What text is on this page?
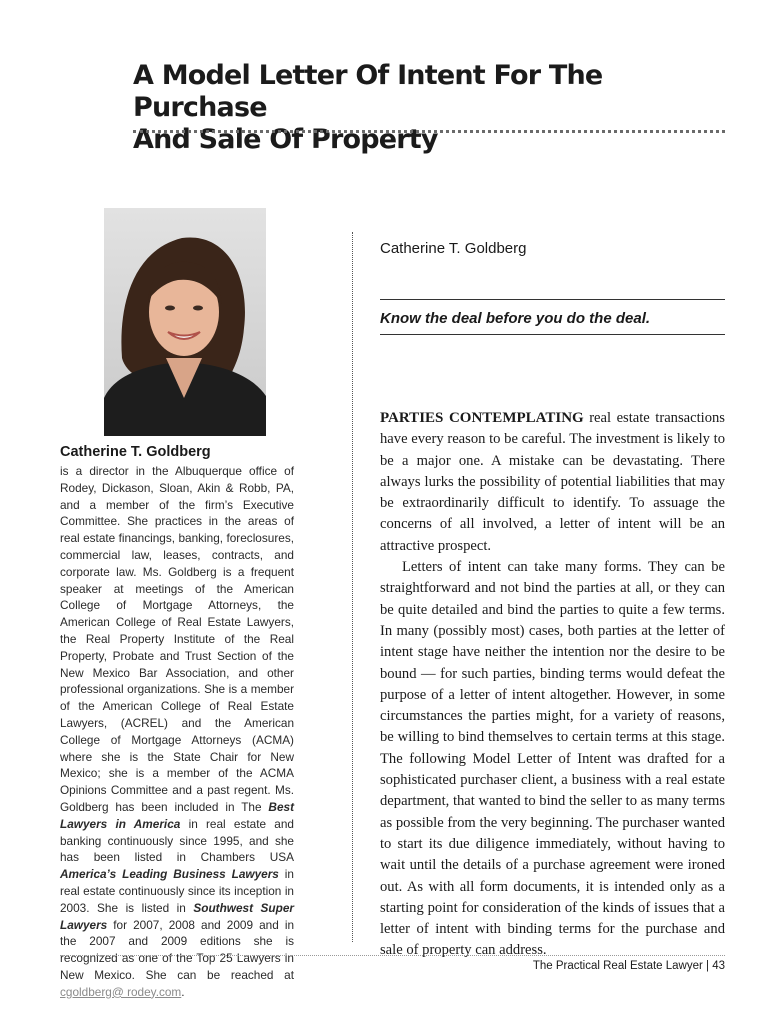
A Model Letter Of Intent For The Purchase
And Sale Of Property
Catherine T. Goldberg
Know the deal before you do the deal.

Catherine T. Goldberg
is a director in the Albuquerque office of Rodey, Dickason, Sloan, Akin & Robb, PA, and a member of the firm’s Executive Committee. She practices in the areas of real estate financings, banking, foreclosures, commercial law, leases, contracts, and corporate law. Ms. Goldberg is a frequent speaker at meetings of the American College of Mortgage Attorneys, the American College of Real Estate Lawyers, the Real Property Institute of the Real Property, Probate and Trust Section of the New Mexico Bar Association, and other professional organizations. She is a member of the American College of Real Estate Lawyers, (ACREL) and the American College of Mortgage Attorneys (ACMA) where she is the State Chair for New Mexico; she is a member of the ACMA Opinions Committee and a past regent. Ms. Goldberg has been included in The Best Lawyers in America in real estate and banking continuously since 1995, and she has been listed in Chambers USA America’s Leading Business Lawyers in real estate continuously since its inception in 2003. She is listed in Southwest Super Lawyers for 2007, 2008 and 2009 and in the 2007 and 2009 editions she is recognized as one of the Top 25 Lawyers in New Mexico. She can be reached at cgoldberg@ rodey.com.

PARTIES CONTEMPLATING real estate transactions have every reason to be careful. The investment is likely to be a major one. A mistake can be devastating. There always lurks the possibility of potential liabilities that may be extraordinarily difficult to identify. To assuage the concerns of all involved, a letter of intent will be an attractive prospect.

Letters of intent can take many forms. They can be straightforward and not bind the parties at all, or they can be quite detailed and bind the parties to quite a few terms. In many (possibly most) cases, both parties at the letter of intent stage have neither the intention nor the desire to be bound — for such parties, binding terms would defeat the purpose of a letter of intent altogether. However, in some circumstances the parties might, for a variety of reasons, be willing to bind themselves to certain terms at this stage. The following Model Letter of Intent was drafted for a sophisticated purchaser client, a business with a real estate department, that wanted to bind the seller to as many terms as possible from the very beginning. The purchaser wanted to start its due diligence immediately, without having to wait until the details of a purchase agreement were ironed out. As with all form documents, it is intended only as a starting point for consideration of the kinds of issues that a letter of intent with binding terms for the purchase and sale of property can address.

The Practical Real Estate Lawyer | 43
